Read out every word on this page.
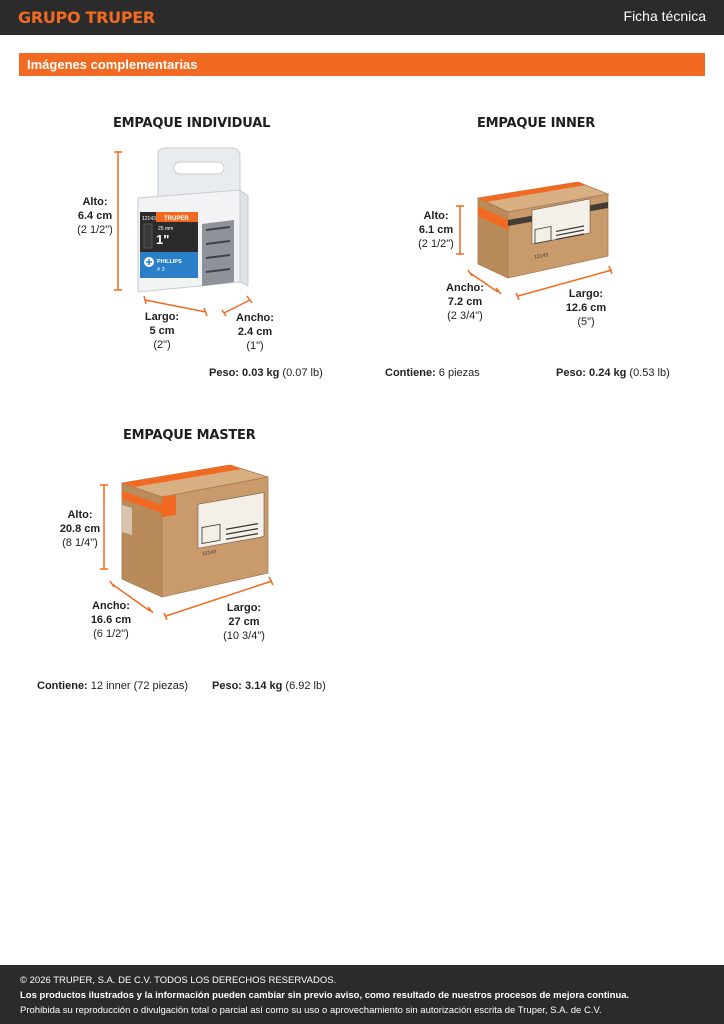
GRUPO TRUPER	Ficha técnica
Imágenes complementarias
EMPAQUE INDIVIDUAL
12143 TRUPER
25 mm
1"
PHILLIPS
# 3
Alto:
6.4 cm
(2 1/2")
Largo:
5 cm
(2")
Ancho:
2.4 cm
(1")
Peso: 0.03 kg (0.07 lb)
EMPAQUE INNER
12143
Alto:
6.1 cm
(2 1/2")
Ancho:
7.2 cm
(2 3/4")
Largo:
12.6 cm
(5")
Contiene: 6 piezas	Peso: 0.24 kg (0.53 lb)
EMPAQUE MASTER
12143
Alto:
20.8 cm
(8 1/4")
Ancho:
16.6 cm
(6 1/2")
Largo:
27 cm
(10 3/4")
Contiene: 12 inner (72 piezas) Peso: 3.14 kg (6.92 lb)
© 2026 TRUPER, S.A. DE C.V. TODOS LOS DERECHOS RESERVADOS.
Los productos ilustrados y la información pueden cambiar sin previo aviso, como resultado de nuestros procesos de mejora continua.
Prohibida su reproducción o divulgación total o parcial así como su uso o aprovechamiento sin autorización escrita de Truper, S.A. de C.V.
